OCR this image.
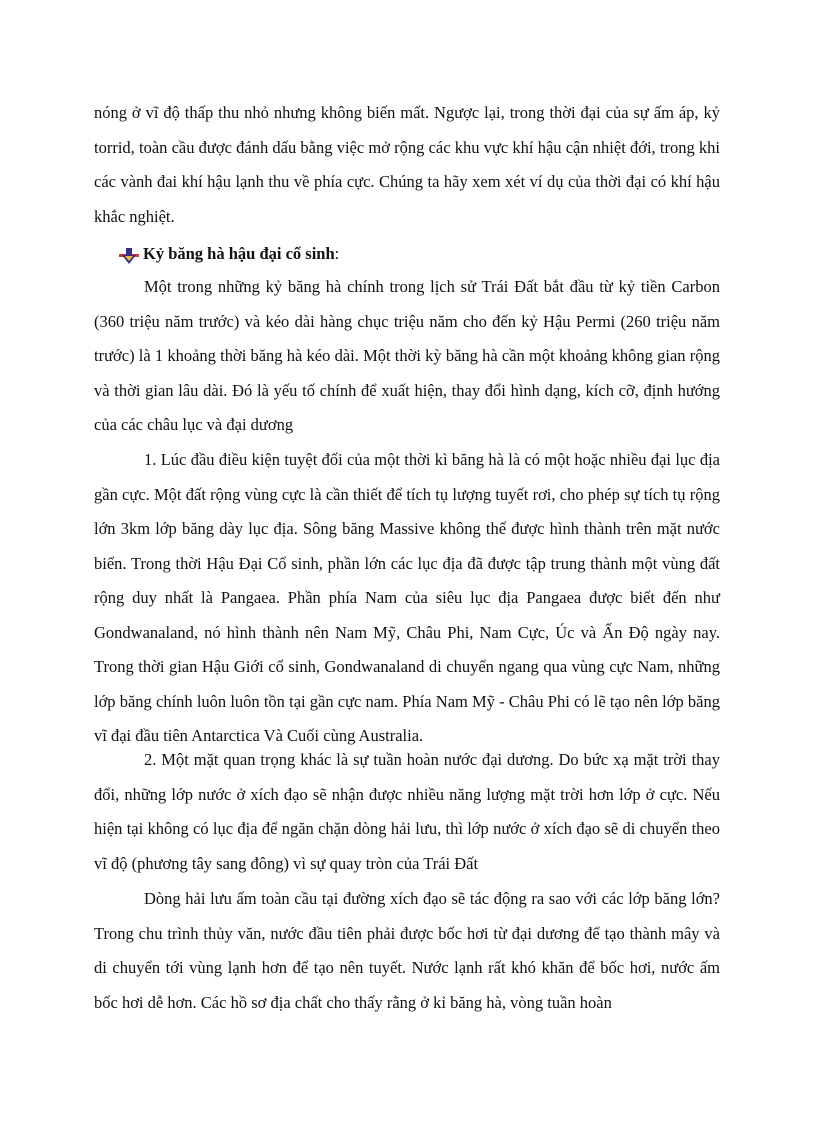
nóng ở vĩ độ thấp thu nhỏ nhưng không biến mất. Ngược lại, trong thời đại của sự ấm áp, kỷ torrid, toàn cầu được đánh dấu bằng việc mở rộng các khu vực khí hậu cận nhiệt đới, trong khi các vành đai khí hậu lạnh thu về phía cực. Chúng ta hãy xem xét ví dụ của thời đại có khí hậu khắc nghiệt.

Kỷ băng hà hậu đại cổ sinh :

Một trong những kỷ băng hà chính trong lịch sử Trái Đất bắt đầu từ kỷ tiền Carbon (360 triệu năm trước) và kéo dài hàng chục triệu năm cho đến kỷ Hậu Permi (260 triệu năm trước) là 1 khoảng thời băng hà kéo dài. Một thời kỳ băng hà cần một khoảng không gian rộng và thời gian lâu dài. Đó là yếu tố chính để xuất hiện, thay đổi hình dạng, kích cỡ, định hướng của các châu lục và đại dương

1. Lúc đầu điều kiện tuyệt đối của một thời kì băng hà là có một hoặc nhiều đại lục địa gần cực. Một đất rộng vùng cực là cần thiết để tích tụ lượng tuyết rơi, cho phép sự tích tụ rộng lớn 3km lớp băng dày lục địa. Sông băng Massive không thể được hình thành trên mặt nước biển. Trong thời Hậu Đại Cổ sinh, phần lớn các lục địa đã được tập trung thành một vùng đất rộng duy nhất là Pangaea. Phần phía Nam của siêu lục địa Pangaea được biết đến như Gondwanaland, nó hình thành nên Nam Mỹ, Châu Phi, Nam Cực, Úc và Ấn Độ ngày nay. Trong thời gian Hậu Giới cổ sinh, Gondwanaland di chuyển ngang qua vùng cực Nam, những lớp băng chính luôn luôn tồn tại gần cực nam. Phía Nam Mỹ - Châu Phi có lẽ tạo nên lớp băng vĩ đại đầu tiên Antarctica Và Cuối cùng Australia.

2. Một mặt quan trọng khác là sự tuần hoàn nước đại dương. Do bức xạ mặt trời thay đổi, những lớp nước ở xích đạo sẽ nhận được nhiều năng lượng mặt trời hơn lớp ở cực. Nếu hiện tại không có lục địa để ngăn chặn dòng hải lưu, thì lớp nước ở xích đạo sẽ di chuyển theo vĩ độ (phương tây sang đông) vì sự quay tròn của Trái Đất

Dòng hải lưu ấm toàn cầu tại đường xích đạo sẽ tác động ra sao với các lớp băng lớn? Trong chu trình thủy văn, nước đầu tiên phải được bốc hơi từ đại dương để tạo thành mây và di chuyển tới vùng lạnh hơn để tạo nên tuyết. Nước lạnh rất khó khăn để bốc hơi, nước ấm bốc hơi dễ hơn. Các hồ sơ địa chất cho thấy rằng ở kỉ băng hà, vòng tuần hoàn
